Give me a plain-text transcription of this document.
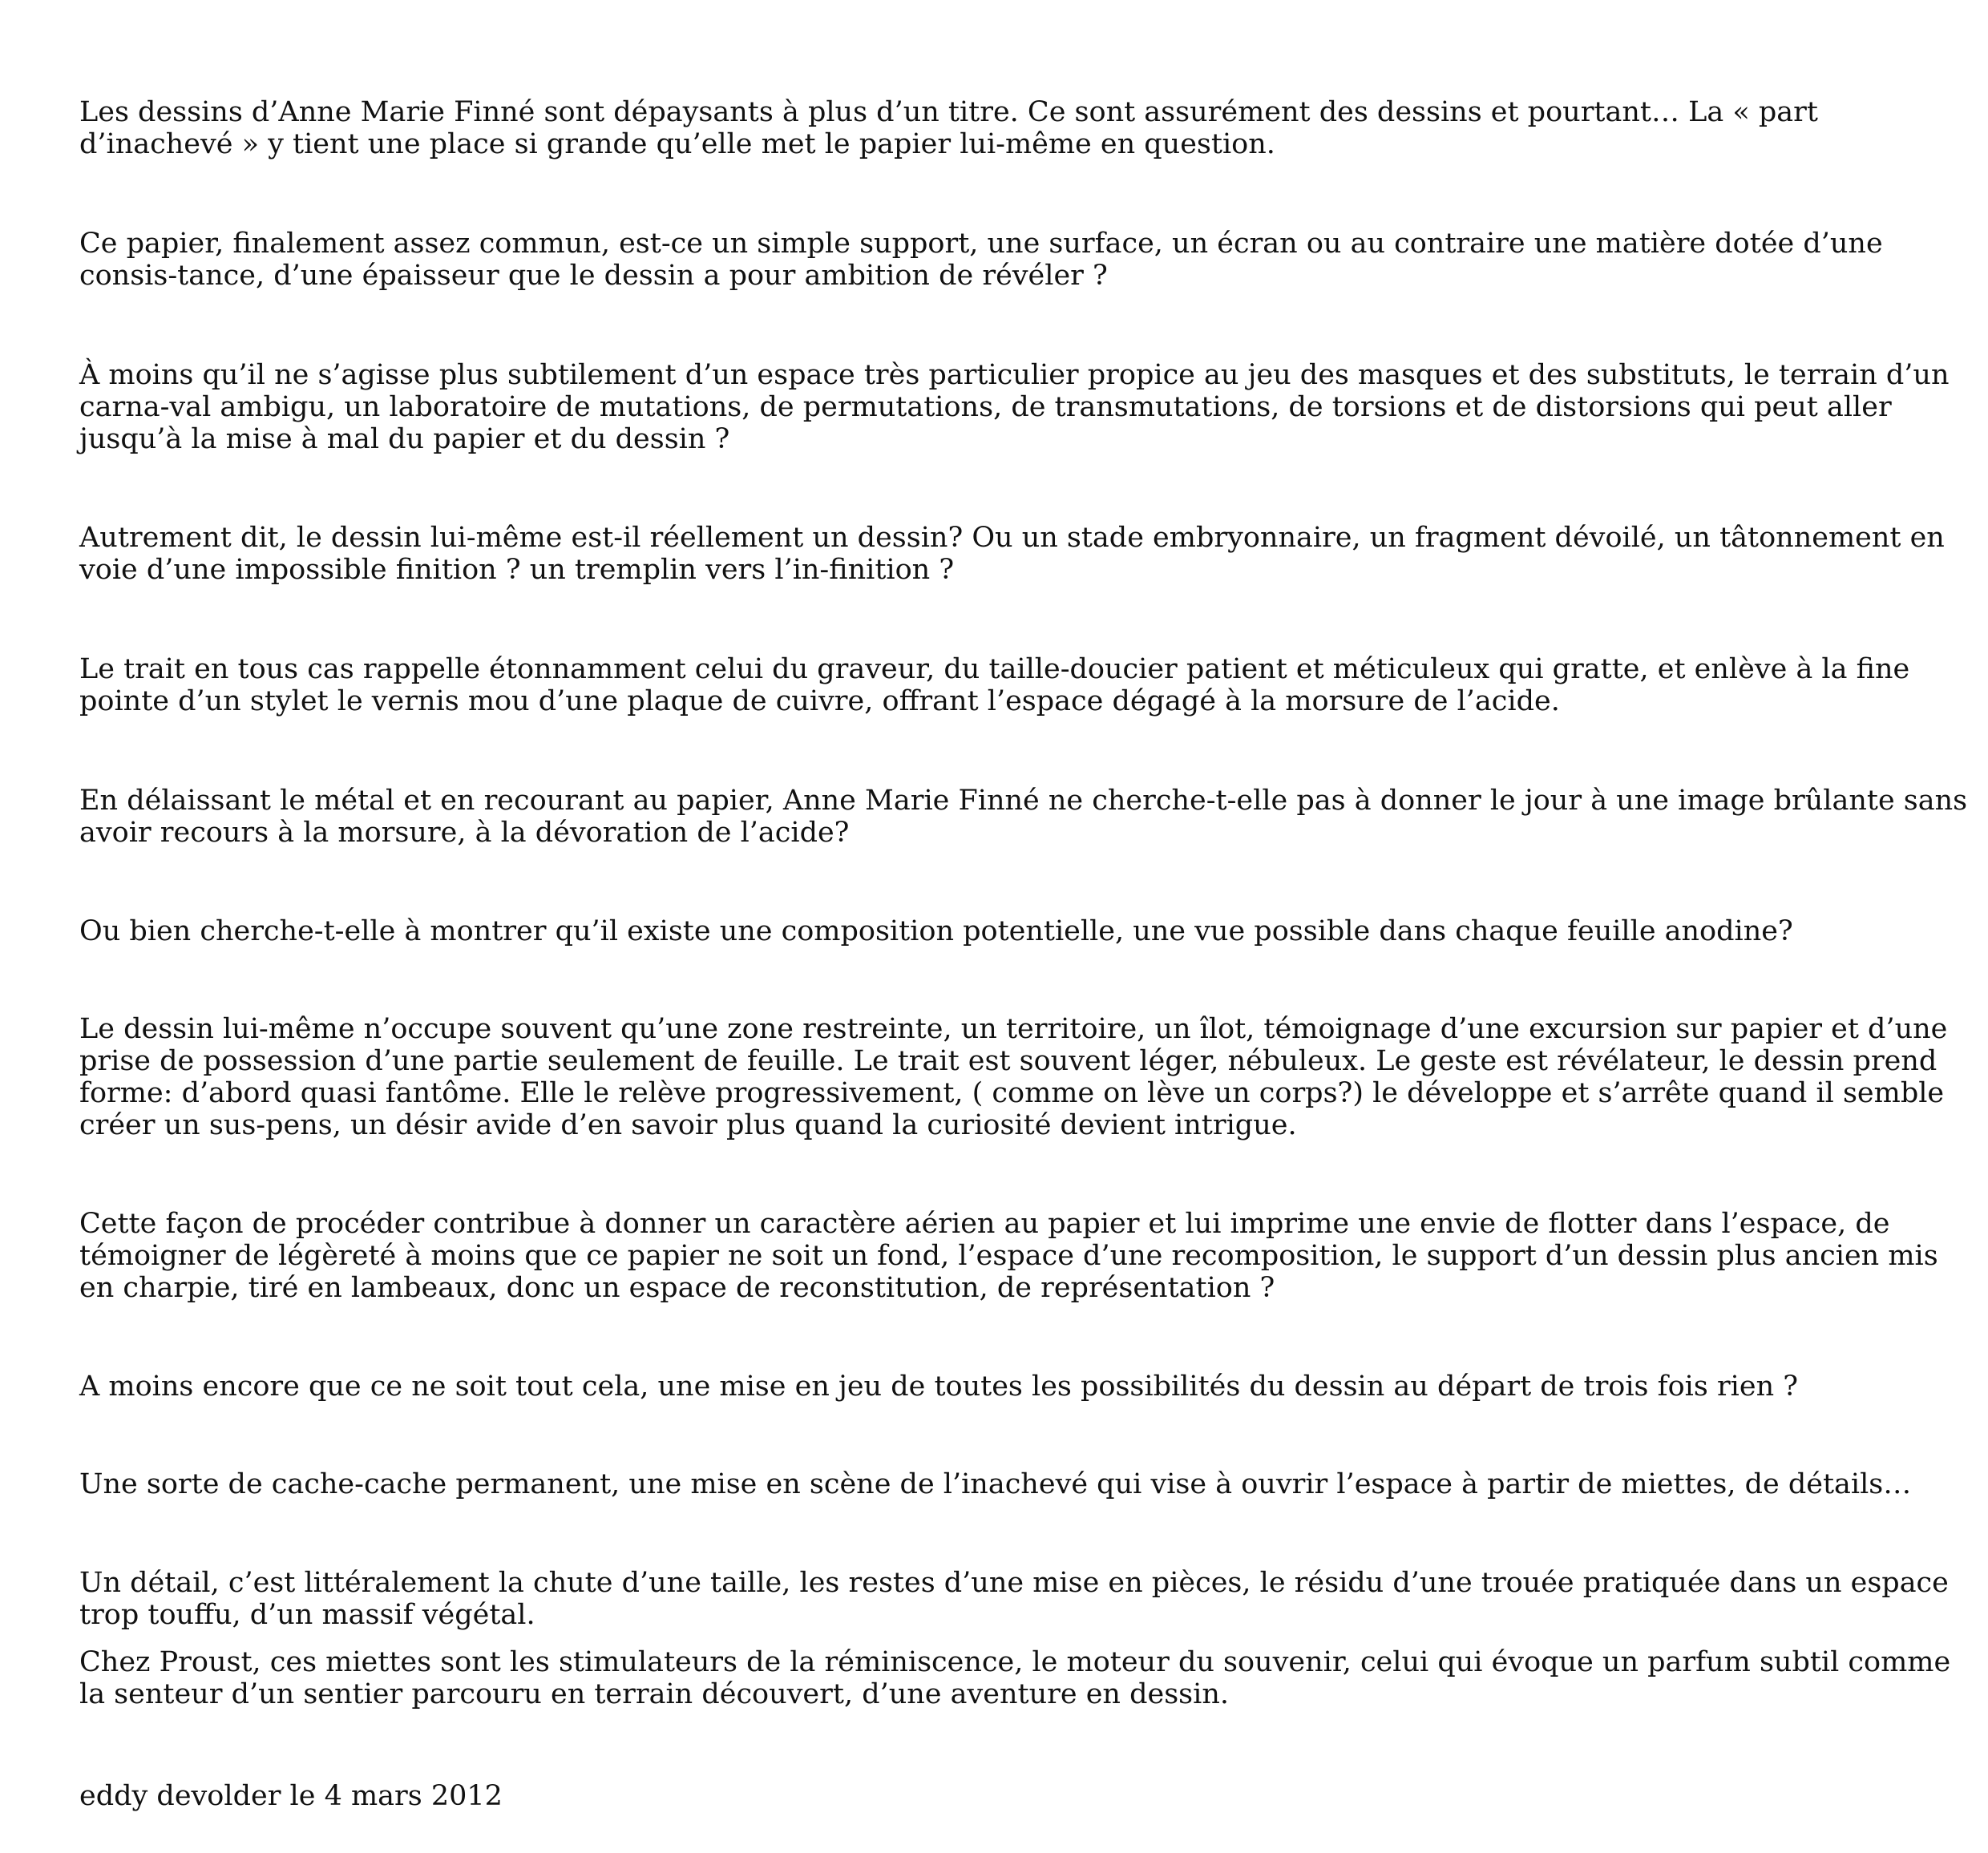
Les dessins d’Anne Marie Finné sont dépaysants à plus d’un titre. Ce sont assurément des dessins et pourtant… La « part d’inachevé » y tient une place si grande qu’elle met le papier lui-même en question.

Ce papier, finalement assez commun, est-ce un simple support, une surface, un écran ou au contraire une matière dotée d’une consis-tance, d’une épaisseur que le dessin a pour ambition de révéler ?

À moins qu’il ne s’agisse plus subtilement d’un espace très particulier propice au jeu des masques et des substituts, le terrain d’un carna-val ambigu, un laboratoire de mutations, de permutations, de transmutations, de torsions et de distorsions qui peut aller jusqu’à la mise à mal du papier et du dessin ?

Autrement dit, le dessin lui-même est-il réellement un dessin? Ou un stade embryonnaire, un fragment dévoilé, un tâtonnement en voie d’une impossible finition ? un tremplin vers l’in-finition ?

Le trait en tous cas rappelle étonnamment celui du graveur, du taille-doucier patient et méticuleux qui gratte, et enlève à la fine pointe d’un stylet le vernis mou d’une plaque de cuivre, offrant l’espace dégagé à la morsure de l’acide.

En délaissant le métal et en recourant au papier, Anne Marie Finné ne cherche-t-elle pas à donner le jour à une image brûlante sans avoir recours à la morsure, à la dévoration de l’acide?

Ou bien cherche-t-elle à montrer qu’il existe une composition potentielle, une vue possible dans chaque feuille anodine?

Le dessin lui-même n’occupe souvent qu’une zone restreinte, un territoire, un îlot, témoignage d’une excursion sur papier et d’une prise de possession d’une partie seulement de feuille. Le trait est souvent léger, nébuleux. Le geste est révélateur, le dessin prend forme: d’abord quasi fantôme. Elle le relève progressivement, ( comme on lève un corps?) le développe et s’arrête quand il semble créer un sus-pens, un désir avide d’en savoir plus quand la curiosité devient intrigue.

Cette façon de procéder contribue à donner un caractère aérien au papier et lui imprime une envie de flotter dans l’espace, de témoigner de légèreté à moins que ce papier ne soit un fond, l’espace d’une recomposition, le support d’un dessin plus ancien mis en charpie, tiré en lambeaux, donc un espace de reconstitution, de représentation ?

A moins encore que ce ne soit tout cela, une mise en jeu de toutes les possibilités du dessin au départ de trois fois rien ?

Une sorte de cache-cache permanent, une mise en scène de l’inachevé qui vise à ouvrir l’espace à partir de miettes, de détails…

Un détail, c’est littéralement la chute d’une taille, les restes d’une mise en pièces, le résidu d’une trouée pratiquée dans un espace trop touffu, d’un massif végétal.

Chez Proust, ces miettes sont les stimulateurs de la réminiscence, le moteur du souvenir, celui qui évoque un parfum subtil comme la senteur d’un sentier parcouru en terrain découvert, d’une aventure en dessin.

eddy devolder le 4 mars 2012
